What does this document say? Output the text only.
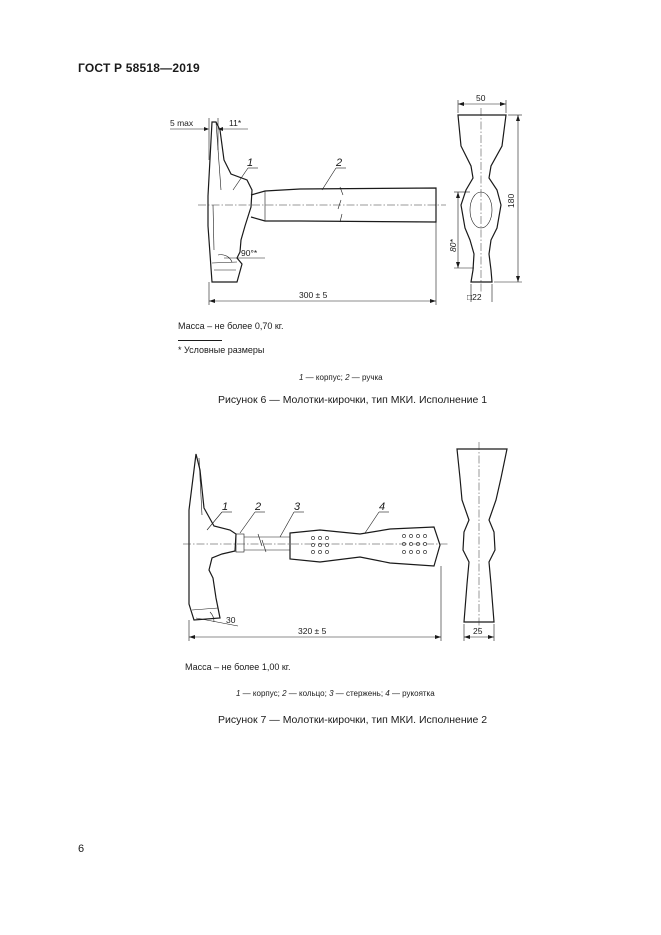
ГОСТ Р 58518—2019
5 max	11*
90°*
1	2
300 ± 5
50
180
80*
□22
1 2	3	4
30
320 ± 5	25
Масса – не более 0,70 кг.
* Условные размеры
1 — корпус; 2 — ручка
Рисунок 6 — Молотки-кирочки, тип МКИ. Исполнение 1
Масса – не более 1,00 кг.
1 — корпус; 2 — кольцо; 3 — стержень; 4 — рукоятка
Рисунок 7 — Молотки-кирочки, тип МКИ. Исполнение 2
6
